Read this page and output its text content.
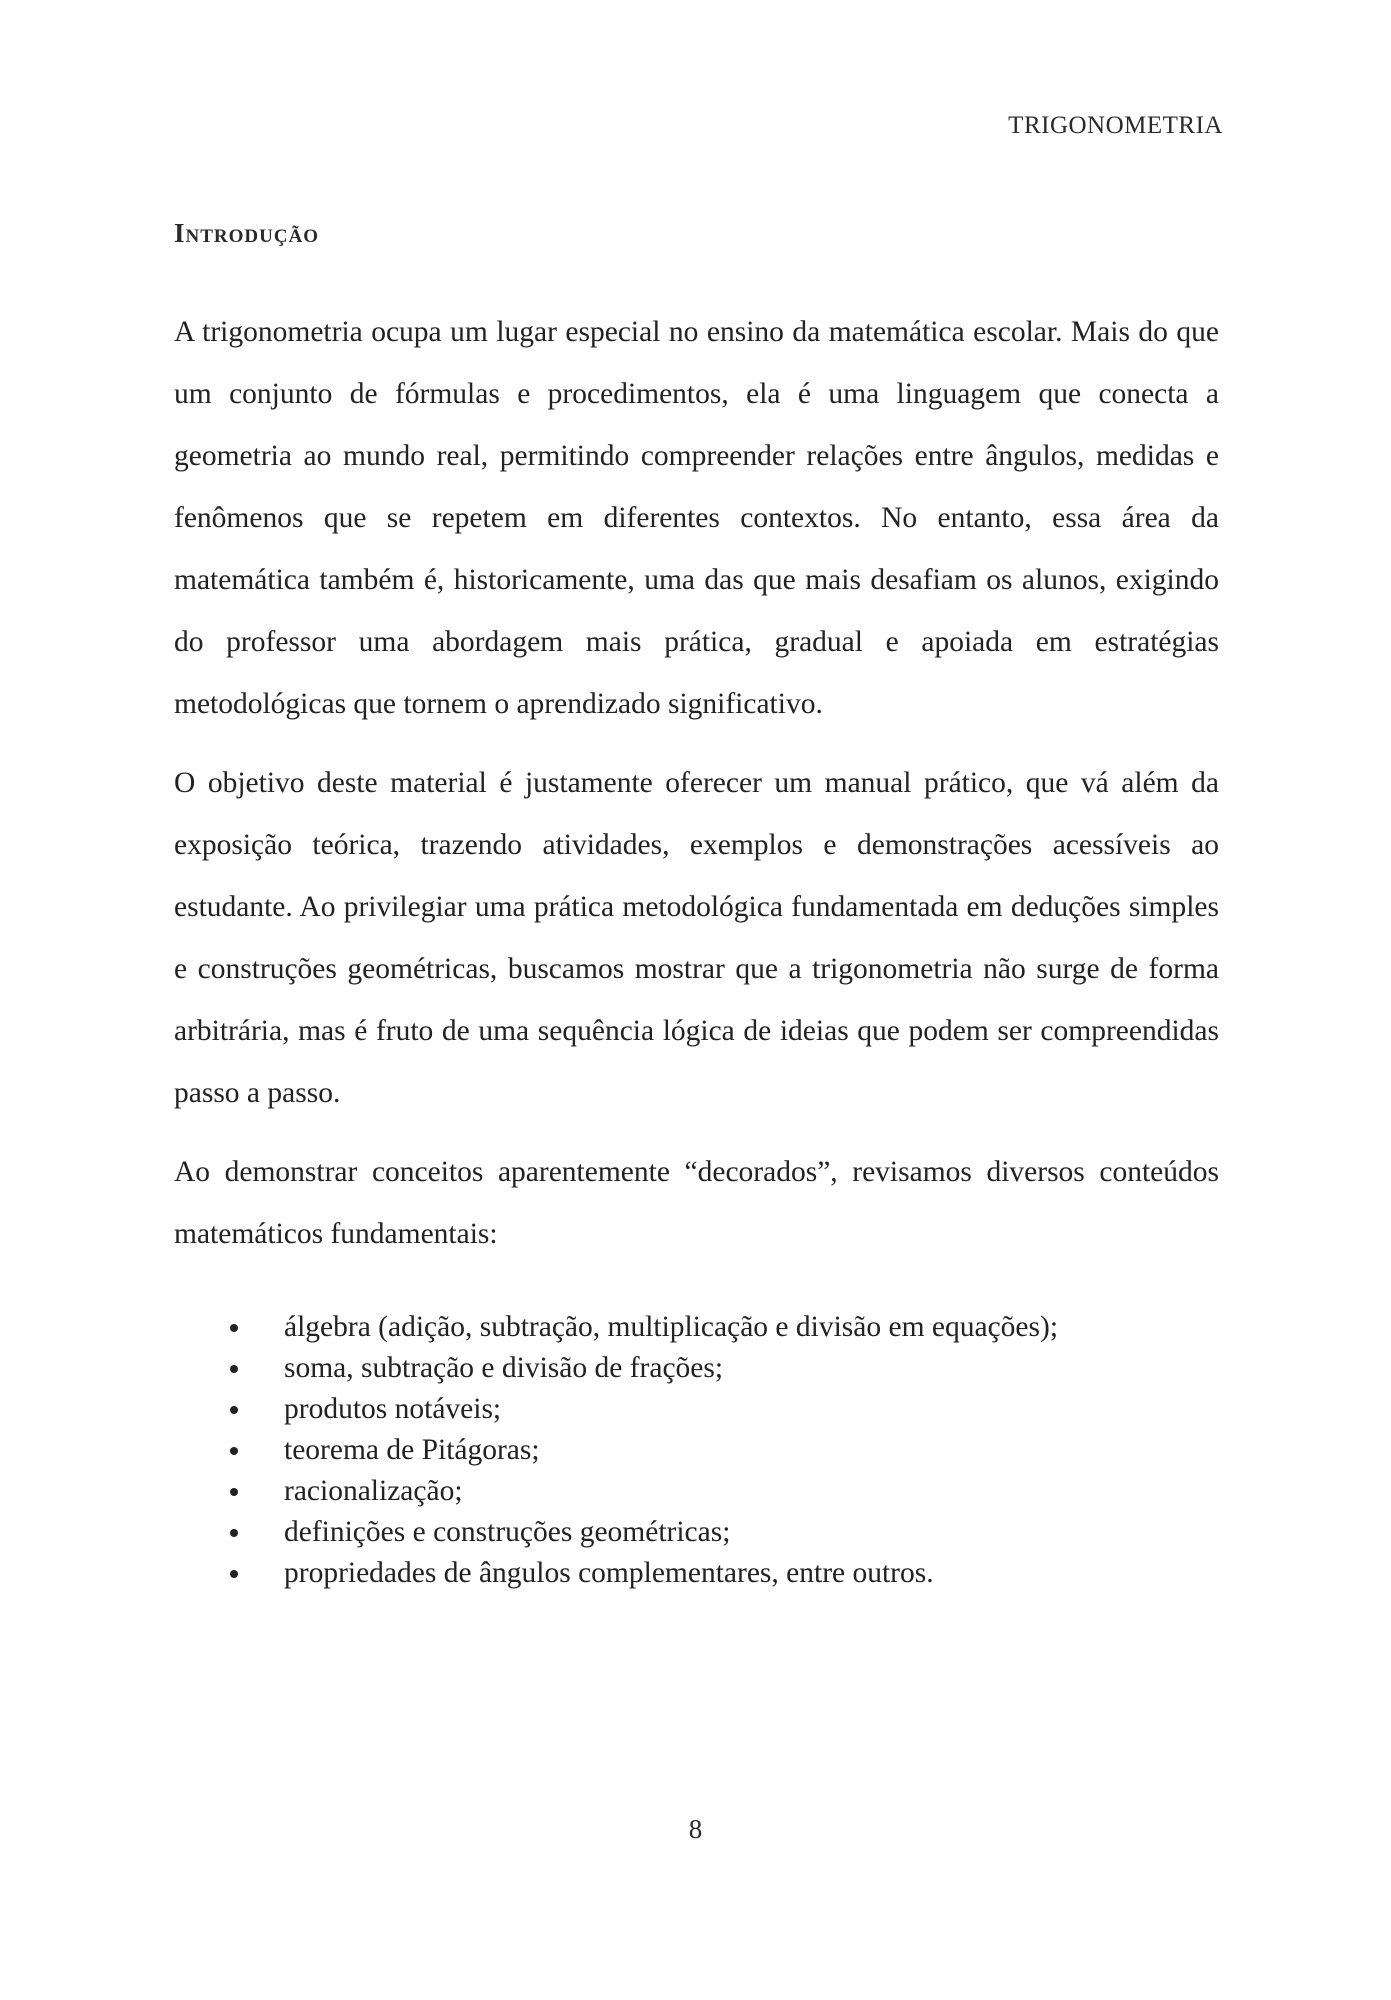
TRIGONOMETRIA
Introdução

A trigonometria ocupa um lugar especial no ensino da matemática escolar. Mais do que um conjunto de fórmulas e procedimentos, ela é uma linguagem que conecta a geometria ao mundo real, permitindo compreender relações entre ângulos, medidas e fenômenos que se repetem em diferentes contextos. No entanto, essa área da matemática também é, historicamente, uma das que mais desafiam os alunos, exigindo do professor uma abordagem mais prática, gradual e apoiada em estratégias metodológicas que tornem o aprendizado significativo.

O objetivo deste material é justamente oferecer um manual prático, que vá além da exposição teórica, trazendo atividades, exemplos e demonstrações acessíveis ao estudante. Ao privilegiar uma prática metodológica fundamentada em deduções simples e construções geométricas, buscamos mostrar que a trigonometria não surge de forma arbitrária, mas é fruto de uma sequência lógica de ideias que podem ser compreendidas passo a passo.

Ao demonstrar conceitos aparentemente “decorados”, revisamos diversos conteúdos matemáticos fundamentais:

álgebra (adição, subtração, multiplicação e divisão em equações);
soma, subtração e divisão de frações;
produtos notáveis;
teorema de Pitágoras;
racionalização;
definições e construções geométricas;
propriedades de ângulos complementares, entre outros.
8
